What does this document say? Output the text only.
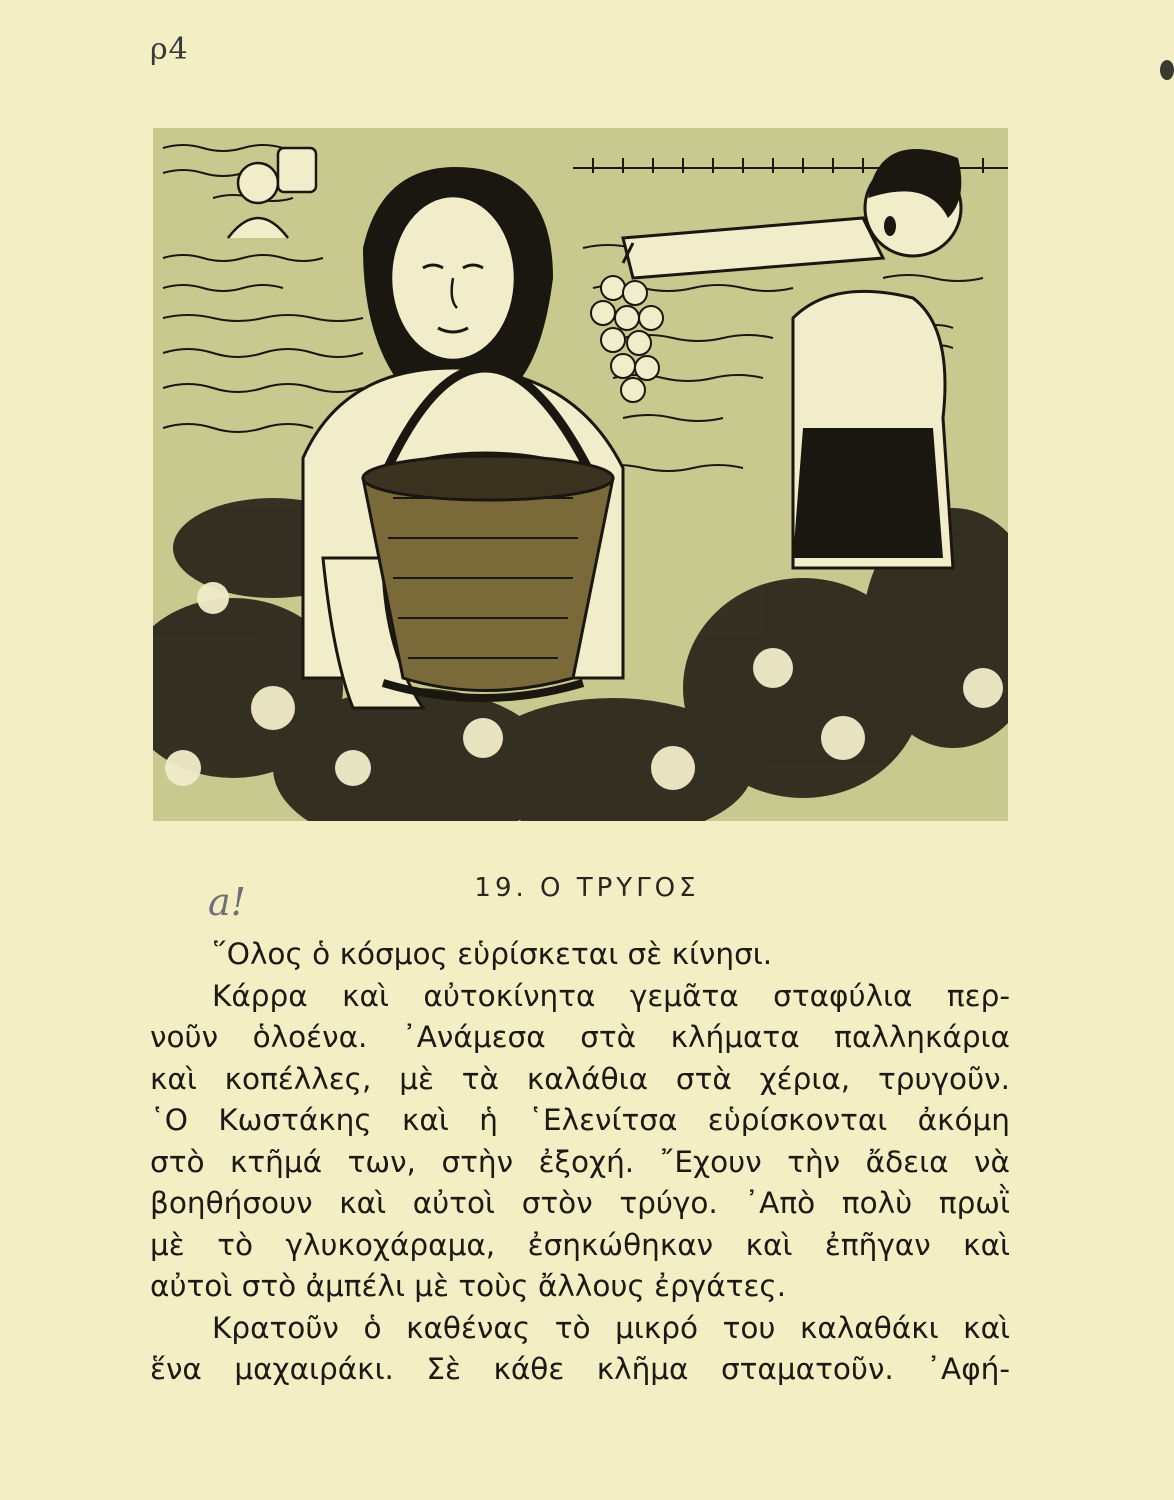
ρ4
a!	19. Ο ΤΡΥΓΟΣ
῞Ολος ὁ κόσμος εὑρίσκεται σὲ κίνησι.
Κάρρα καὶ αὐτοκίνητα γεμᾶτα σταφύλια περ-
νοῦν ὁλοένα. ᾿Ανάμεσα στὰ κλήματα παλληκάρια
καὶ κοπέλλες, μὲ τὰ καλάθια στὰ χέρια, τρυγοῦν.
῾Ο Κωστάκης καὶ ἡ ῾Ελενίτσα εὑρίσκονται ἀκόμη
στὸ κτῆμά των, στὴν ἐξοχή. ῎Εχουν τὴν ἄδεια νὰ
βοηθήσουν καὶ αὐτοὶ στὸν τρύγο. ᾿Απὸ πολὺ πρωῒ
μὲ τὸ γλυκοχάραμα, ἐσηκώθηκαν καὶ ἐπῆγαν καὶ
αὐτοὶ στὸ ἀμπέλι μὲ τοὺς ἄλλους ἐργάτες.
Κρατοῦν ὁ καθένας τὸ μικρό του καλαθάκι καὶ
ἕνα μαχαιράκι. Σὲ κάθε κλῆμα σταματοῦν. ᾿Αφή-
